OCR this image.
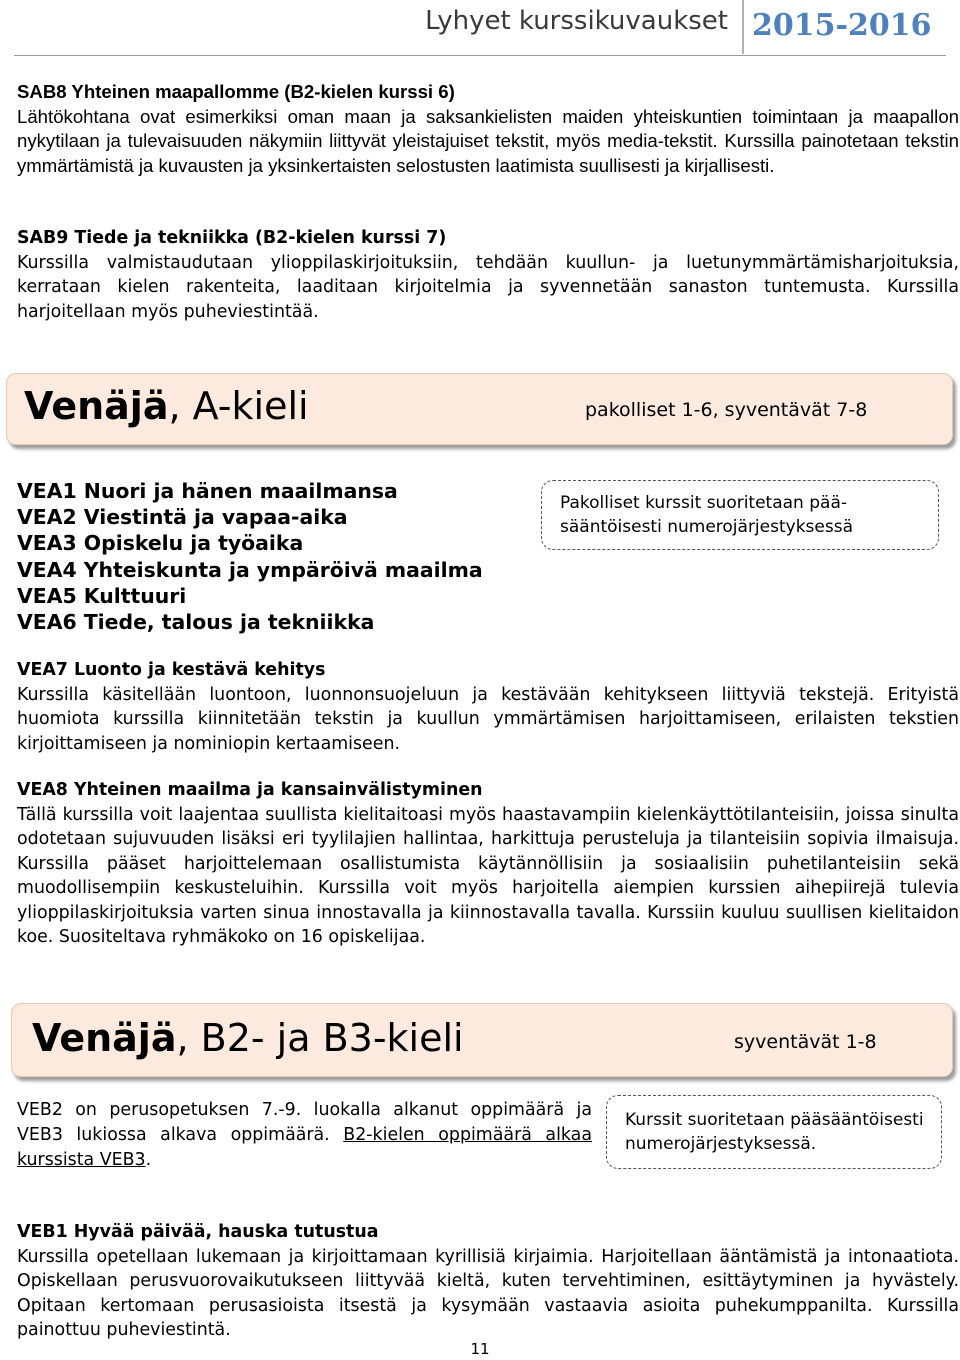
Lyhyet kurssikuvaukset 2015-2016
SAB8 Yhteinen maapallomme (B2-kielen kurssi 6)

Lähtökohtana ovat esimerkiksi oman maan ja saksankielisten maiden yhteiskuntien toimintaan ja maapallon nykytilaan ja tulevaisuuden näkymiin liittyvät yleistajuiset tekstit, myös media-tekstit. Kurssilla painotetaan tekstin ymmärtämistä ja kuvausten ja yksinkertaisten selostusten laatimista suullisesti ja kirjallisesti.

SAB9 Tiede ja tekniikka (B2-kielen kurssi 7)

Kurssilla valmistaudutaan ylioppilaskirjoituksiin, tehdään kuullun- ja luetunymmärtämisharjoituksia, kerrataan kielen rakenteita, laaditaan kirjoitelmia ja syvennetään sanaston tuntemusta. Kurssilla harjoitellaan myös puheviestintää.

Venäjä, A-kieli	pakolliset 1-6, syventävät 7-8
VEA1 Nuori ja hänen maailmansa
VEA2 Viestintä ja vapaa-aika
VEA3 Opiskelu ja työaika
VEA4 Yhteiskunta ja ympäröivä maailma
VEA5 Kulttuuri
VEA6 Tiede, talous ja tekniikka
Pakolliset kurssit suoritetaan pää-sääntöisesti numerojärjestyksessä
VEA7 Luonto ja kestävä kehitys

Kurssilla käsitellään luontoon, luonnonsuojeluun ja kestävään kehitykseen liittyviä tekstejä. Erityistä huomiota kurssilla kiinnitetään tekstin ja kuullun ymmärtämisen harjoittamiseen, erilaisten tekstien kirjoittamiseen ja nominiopin kertaamiseen.

VEA8 Yhteinen maailma ja kansainvälistyminen

Tällä kurssilla voit laajentaa suullista kielitaitoasi myös haastavampiin kielenkäyttötilanteisiin, joissa sinulta odotetaan sujuvuuden lisäksi eri tyylilajien hallintaa, harkittuja perusteluja ja tilanteisiin sopivia ilmaisuja. Kurssilla pääset harjoittelemaan osallistumista käytännöllisiin ja sosiaalisiin puhetilanteisiin sekä muodollisempiin keskusteluihin. Kurssilla voit myös harjoitella aiempien kurssien aihepiirejä tulevia ylioppilaskirjoituksia varten sinua innostavalla ja kiinnostavalla tavalla. Kurssiin kuuluu suullisen kielitaidon koe. Suositeltava ryhmäkoko on 16 opiskelijaa.

Venäjä, B2- ja B3-kieli	syventävät 1-8
VEB2 on perusopetuksen 7.-9. luokalla alkanut oppimäärä ja VEB3 lukiossa alkava oppimäärä. B2-kielen oppimäärä alkaa kurssista VEB3.
Kurssit suoritetaan pääsääntöisesti numerojärjestyksessä.
VEB1 Hyvää päivää, hauska tutustua

Kurssilla opetellaan lukemaan ja kirjoittamaan kyrillisiä kirjaimia. Harjoitellaan ääntämistä ja intonaatiota. Opiskellaan perusvuorovaikutukseen liittyvää kieltä, kuten tervehtiminen, esittäytyminen ja hyvästely. Opitaan kertomaan perusasioista itsestä ja kysymään vastaavia asioita puhekumppanilta. Kurssilla painottuu puheviestintä.

11
